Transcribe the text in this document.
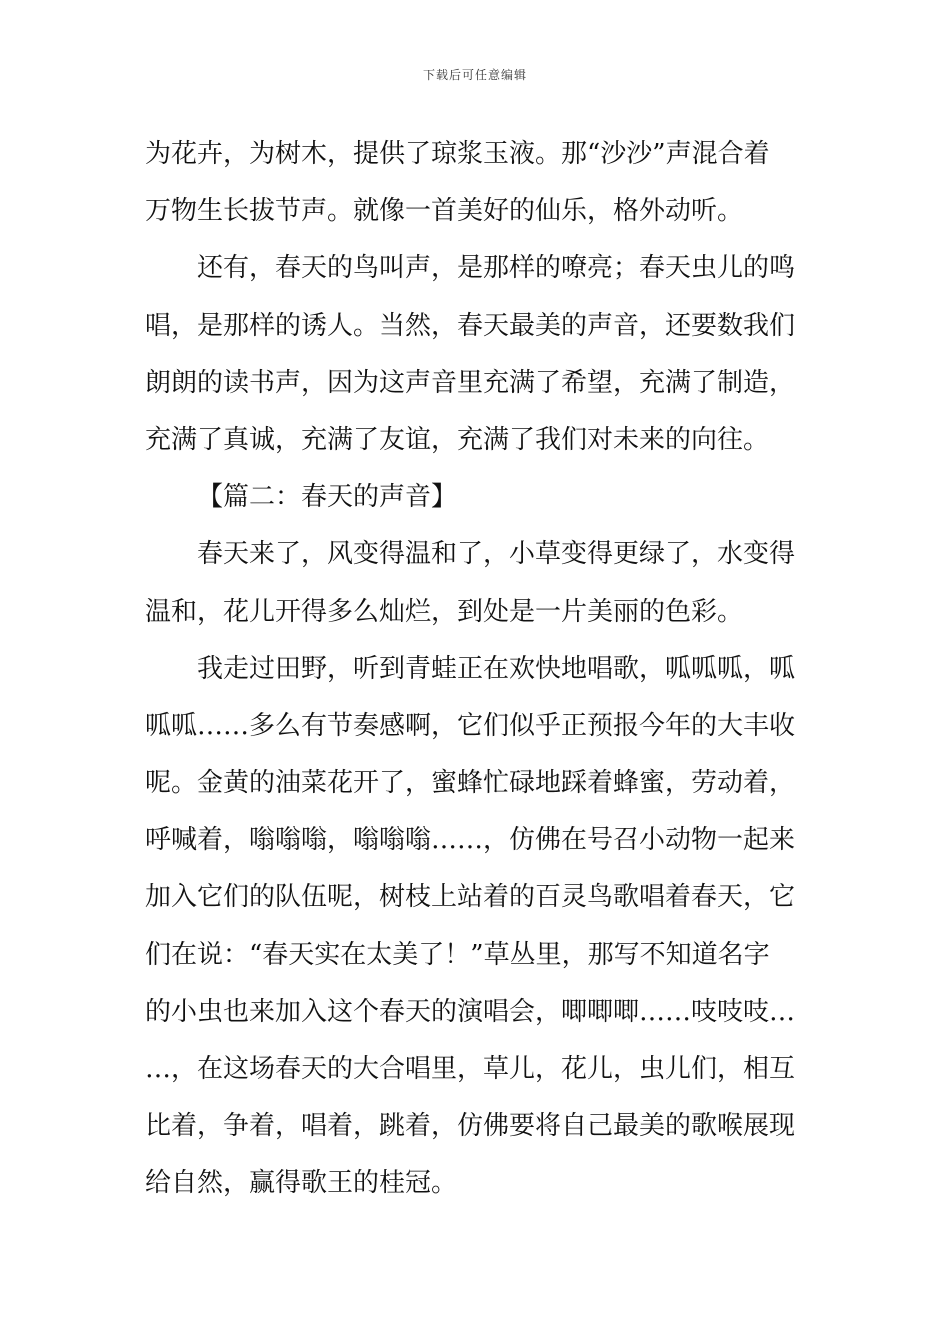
下载后可任意编辑
为花卉，为树木，提供了琼浆玉液。那“沙沙”声混合着
万物生长拔节声。就像一首美好的仙乐，格外动听。
还有，春天的鸟叫声，是那样的嘹亮；春天虫儿的鸣
唱，是那样的诱人。当然，春天最美的声音，还要数我们
朗朗的读书声，因为这声音里充满了希望，充满了制造，
充满了真诚，充满了友谊，充满了我们对未来的向往。
【篇二：春天的声音】
春天来了，风变得温和了，小草变得更绿了，水变得
温和，花儿开得多么灿烂，到处是一片美丽的色彩。
我走过田野，听到青蛙正在欢快地唱歌，呱呱呱，呱
呱呱……多么有节奏感啊，它们似乎正预报今年的大丰收
呢。金黄的油菜花开了，蜜蜂忙碌地踩着蜂蜜，劳动着，
呼喊着，嗡嗡嗡，嗡嗡嗡……，仿佛在号召小动物一起来
加入它们的队伍呢，树枝上站着的百灵鸟歌唱着春天，它
们在说：“春天实在太美了！”草丛里，那写不知道名字
的小虫也来加入这个春天的演唱会，唧唧唧……吱吱吱…
…，在这场春天的大合唱里，草儿，花儿，虫儿们，相互
比着，争着，唱着，跳着，仿佛要将自己最美的歌喉展现
给自然，赢得歌王的桂冠。
